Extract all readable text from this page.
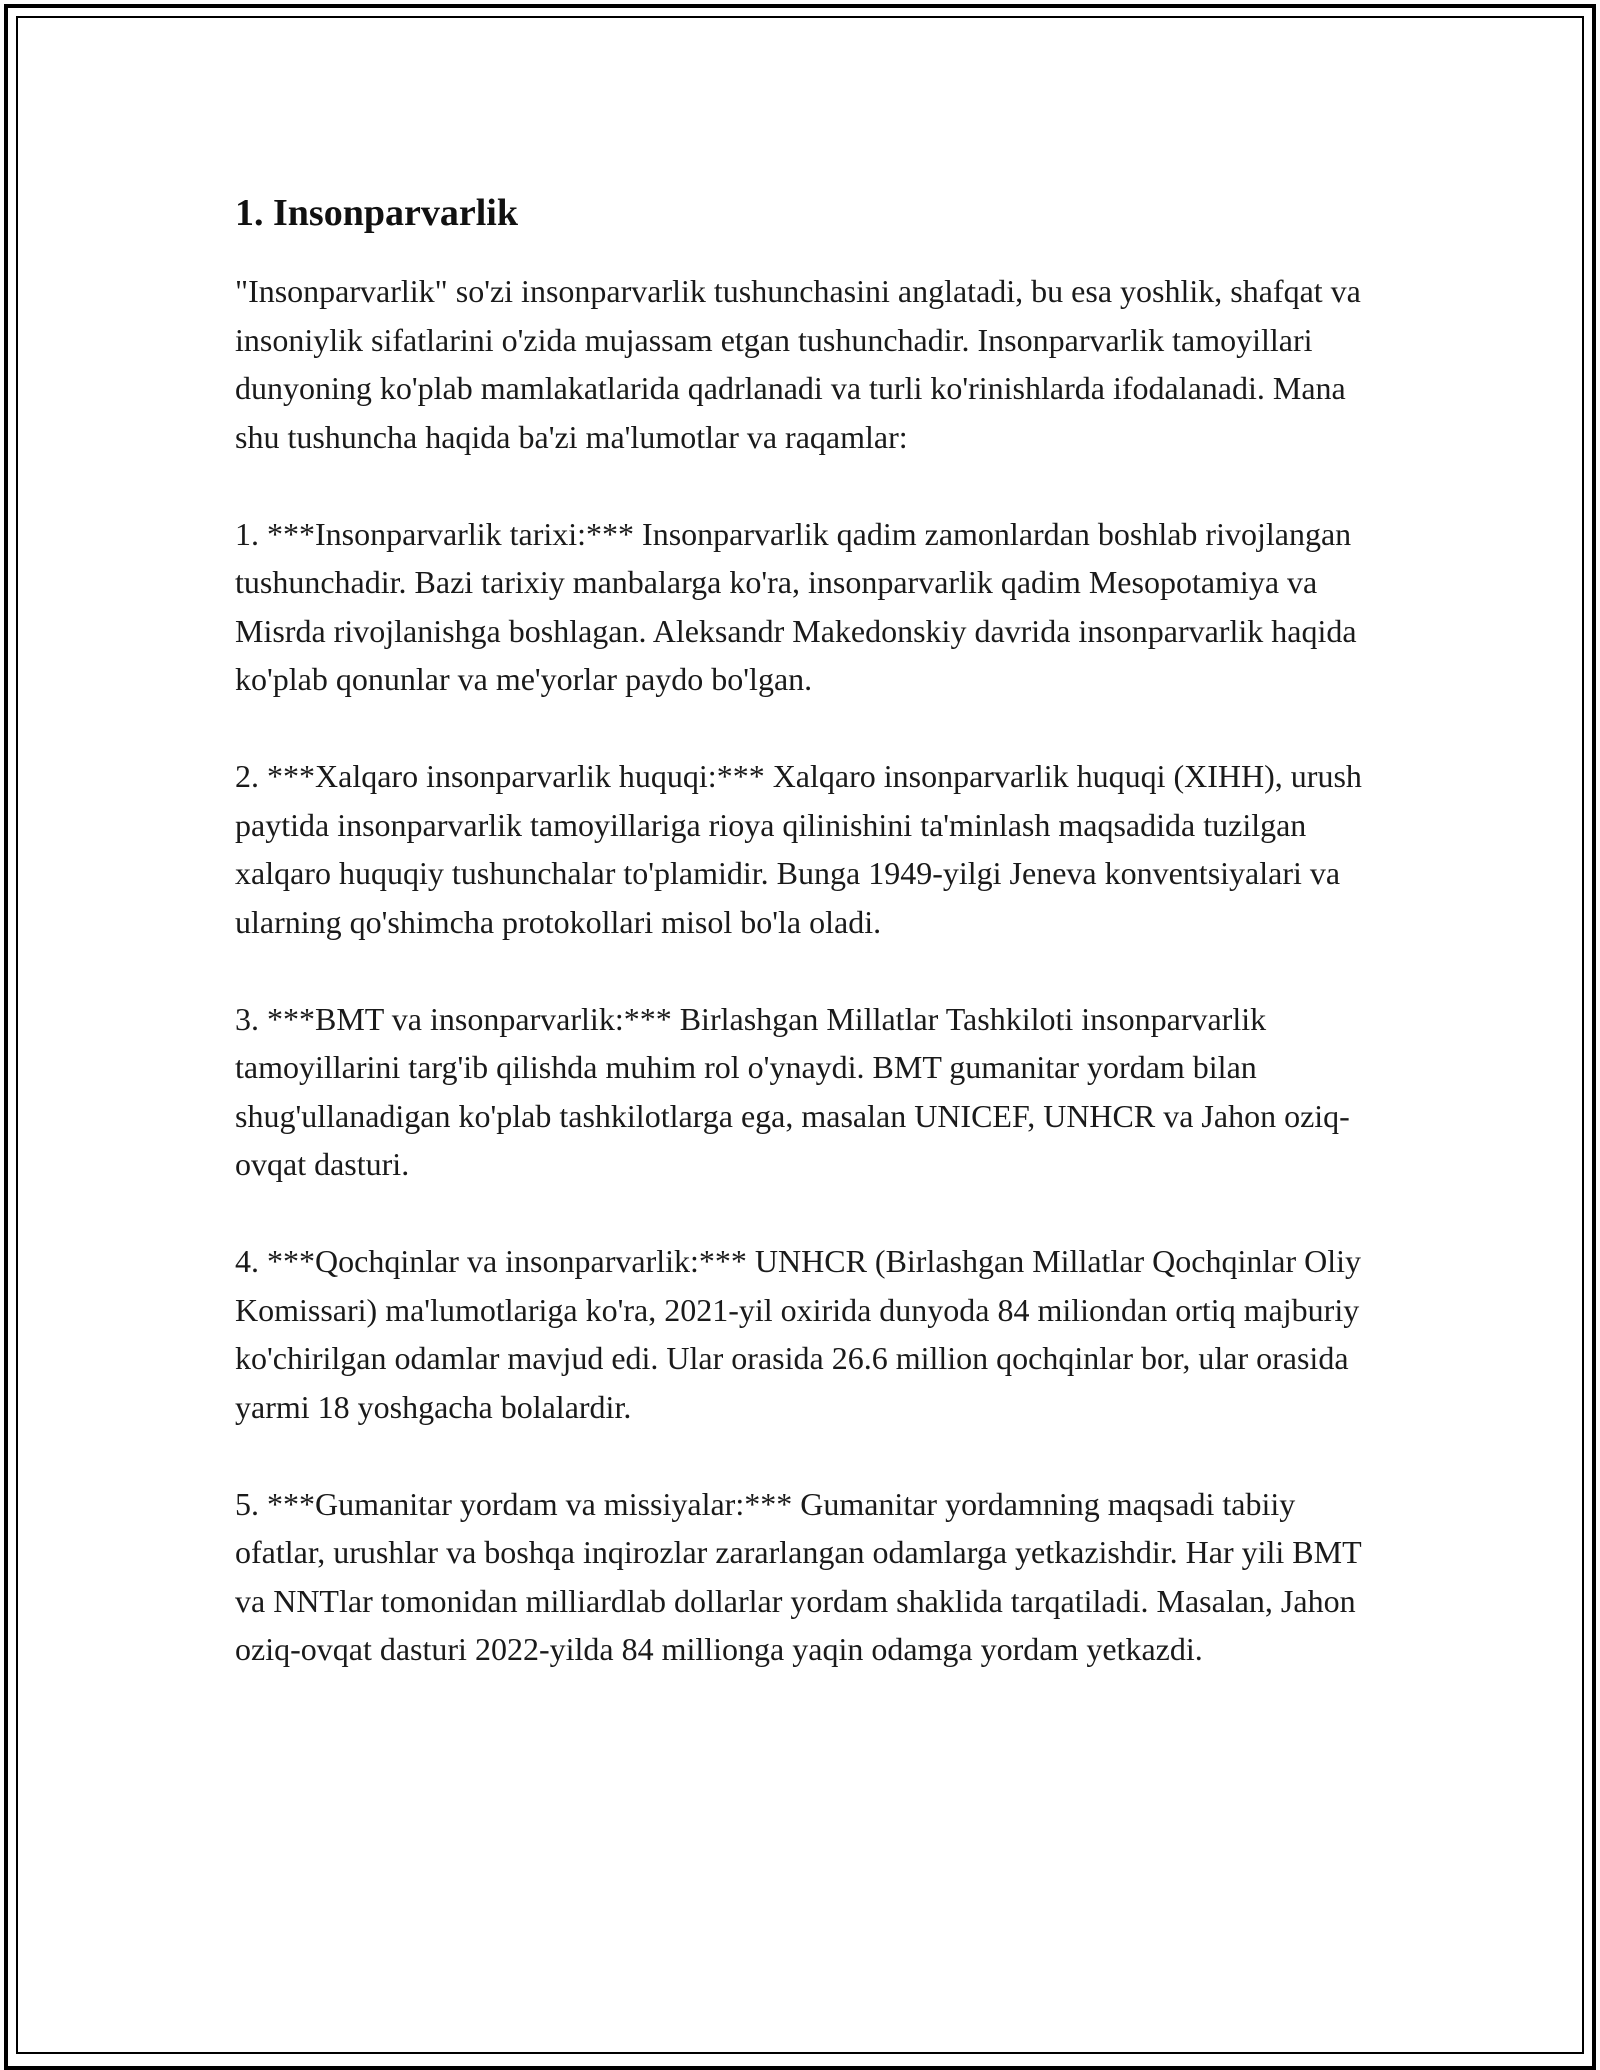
1. Insonparvarlik

"Insonparvarlik" so'zi insonparvarlik tushunchasini anglatadi, bu esa yoshlik, shafqat va insoniylik sifatlarini o'zida mujassam etgan tushunchadir. Insonparvarlik tamoyillari dunyoning ko'plab mamlakatlarida qadrlanadi va turli ko'rinishlarda ifodalanadi. Mana shu tushuncha haqida ba'zi ma'lumotlar va raqamlar:

1. ***Insonparvarlik tarixi:*** Insonparvarlik qadim zamonlardan boshlab rivojlangan tushunchadir. Bazi tarixiy manbalarga ko'ra, insonparvarlik qadim Mesopotamiya va Misrda rivojlanishga boshlagan. Aleksandr Makedonskiy davrida insonparvarlik haqida ko'plab qonunlar va me'yorlar paydo bo'lgan.

2. ***Xalqaro insonparvarlik huquqi:*** Xalqaro insonparvarlik huquqi (XIHH), urush paytida insonparvarlik tamoyillariga rioya qilinishini ta'minlash maqsadida tuzilgan xalqaro huquqiy tushunchalar to'plamidir. Bunga 1949-yilgi Jeneva konventsiyalari va ularning qo'shimcha protokollari misol bo'la oladi.

3. ***BMT va insonparvarlik:*** Birlashgan Millatlar Tashkiloti insonparvarlik tamoyillarini targ'ib qilishda muhim rol o'ynaydi. BMT gumanitar yordam bilan shug'ullanadigan ko'plab tashkilotlarga ega, masalan UNICEF, UNHCR va Jahon oziq-ovqat dasturi.

4. ***Qochqinlar va insonparvarlik:*** UNHCR (Birlashgan Millatlar Qochqinlar Oliy Komissari) ma'lumotlariga ko'ra, 2021-yil oxirida dunyoda 84 miliondan ortiq majburiy ko'chirilgan odamlar mavjud edi. Ular orasida 26.6 million qochqinlar bor, ular orasida yarmi 18 yoshgacha bolalardir.

5. ***Gumanitar yordam va missiyalar:*** Gumanitar yordamning maqsadi tabiiy ofatlar, urushlar va boshqa inqirozlar zararlangan odamlarga yetkazishdir. Har yili BMT va NNTlar tomonidan milliardlab dollarlar yordam shaklida tarqatiladi. Masalan, Jahon oziq-ovqat dasturi 2022-yilda 84 millionga yaqin odamga yordam yetkazdi.
